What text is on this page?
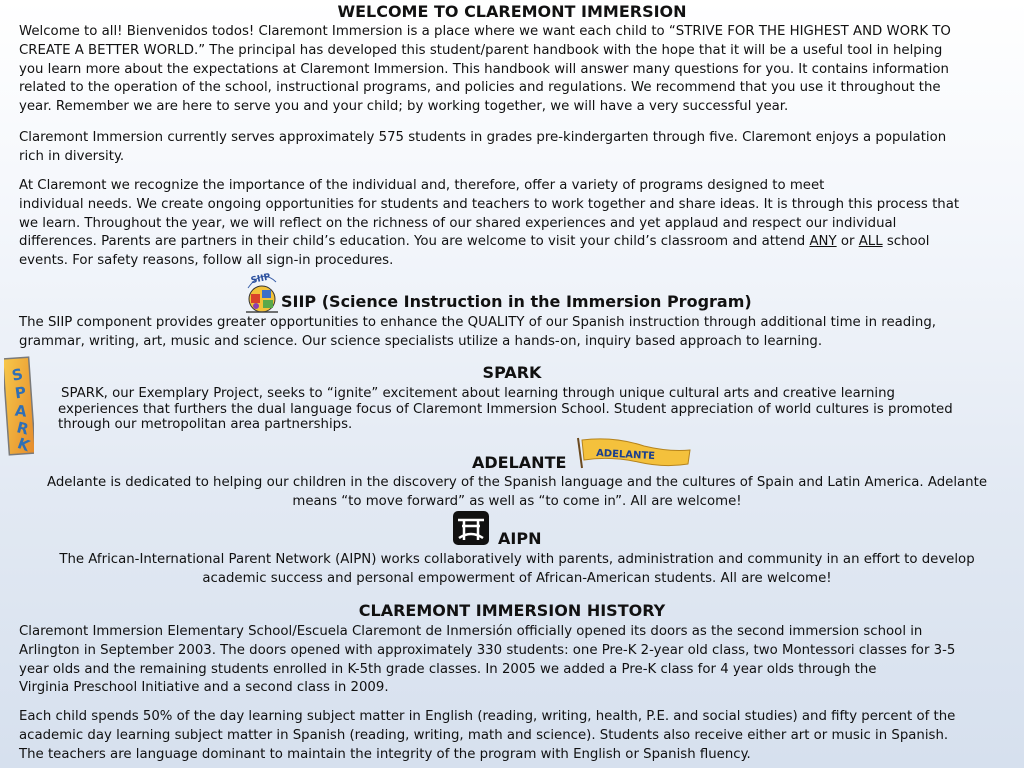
WELCOME TO CLAREMONT IMMERSION
Welcome to all! Bienvenidos todos! Claremont Immersion is a place where we want each child to “STRIVE FOR THE HIGHEST AND WORK TO
CREATE A BETTER WORLD.” The principal has developed this student/parent handbook with the hope that it will be a useful tool in helping
you learn more about the expectations at Claremont Immersion. This handbook will answer many questions for you. It contains information
related to the operation of the school, instructional programs, and policies and regulations. We recommend that you use it throughout the
year. Remember we are here to serve you and your child; by working together, we will have a very successful year.
Claremont Immersion currently serves approximately 575 students in grades pre-kindergarten through five. Claremont enjoys a population
rich in diversity.
At Claremont we recognize the importance of the individual and, therefore, offer a variety of programs designed to meet
individual needs. We create ongoing opportunities for students and teachers to work together and share ideas. It is through this process that
we learn. Throughout the year, we will reflect on the richness of our shared experiences and yet applaud and respect our individual
differences. Parents are partners in their child’s education. You are welcome to visit your child’s classroom and attend ANY or ALL school
events. For safety reasons, follow all sign-in procedures.
SIIP
SIIP (Science Instruction in the Immersion Program)
The SIIP component provides greater opportunities to enhance the QUALITY of our Spanish instruction through additional time in reading,
grammar, writing, art, music and science. Our science specialists utilize a hands-on, inquiry based approach to learning.
S
P
A
R
K
SPARK
SPARK, our Exemplary Project, seeks to “ignite” excitement about learning through unique cultural arts and creative learning
experiences that furthers the dual language focus of Claremont Immersion School. Student appreciation of world cultures is promoted
through our metropolitan area partnerships.
ADELANTE	ADELANTE
Adelante is dedicated to helping our children in the discovery of the Spanish language and the cultures of Spain and Latin America. Adelante
means “to move forward” as well as “to come in”. All are welcome!
AIPN
The African-International Parent Network (AIPN) works collaboratively with parents, administration and community in an effort to develop
academic success and personal empowerment of African-American students. All are welcome!
CLAREMONT IMMERSION HISTORY
Claremont Immersion Elementary School/Escuela Claremont de Inmersión officially opened its doors as the second immersion school in
Arlington in September 2003. The doors opened with approximately 330 students: one Pre-K 2-year old class, two Montessori classes for 3-5
year olds and the remaining students enrolled in K-5th grade classes. In 2005 we added a Pre-K class for 4 year olds through the
Virginia Preschool Initiative and a second class in 2009.
Each child spends 50% of the day learning subject matter in English (reading, writing, health, P.E. and social studies) and fifty percent of the
academic day learning subject matter in Spanish (reading, writing, math and science). Students also receive either art or music in Spanish.
The teachers are language dominant to maintain the integrity of the program with English or Spanish fluency.
